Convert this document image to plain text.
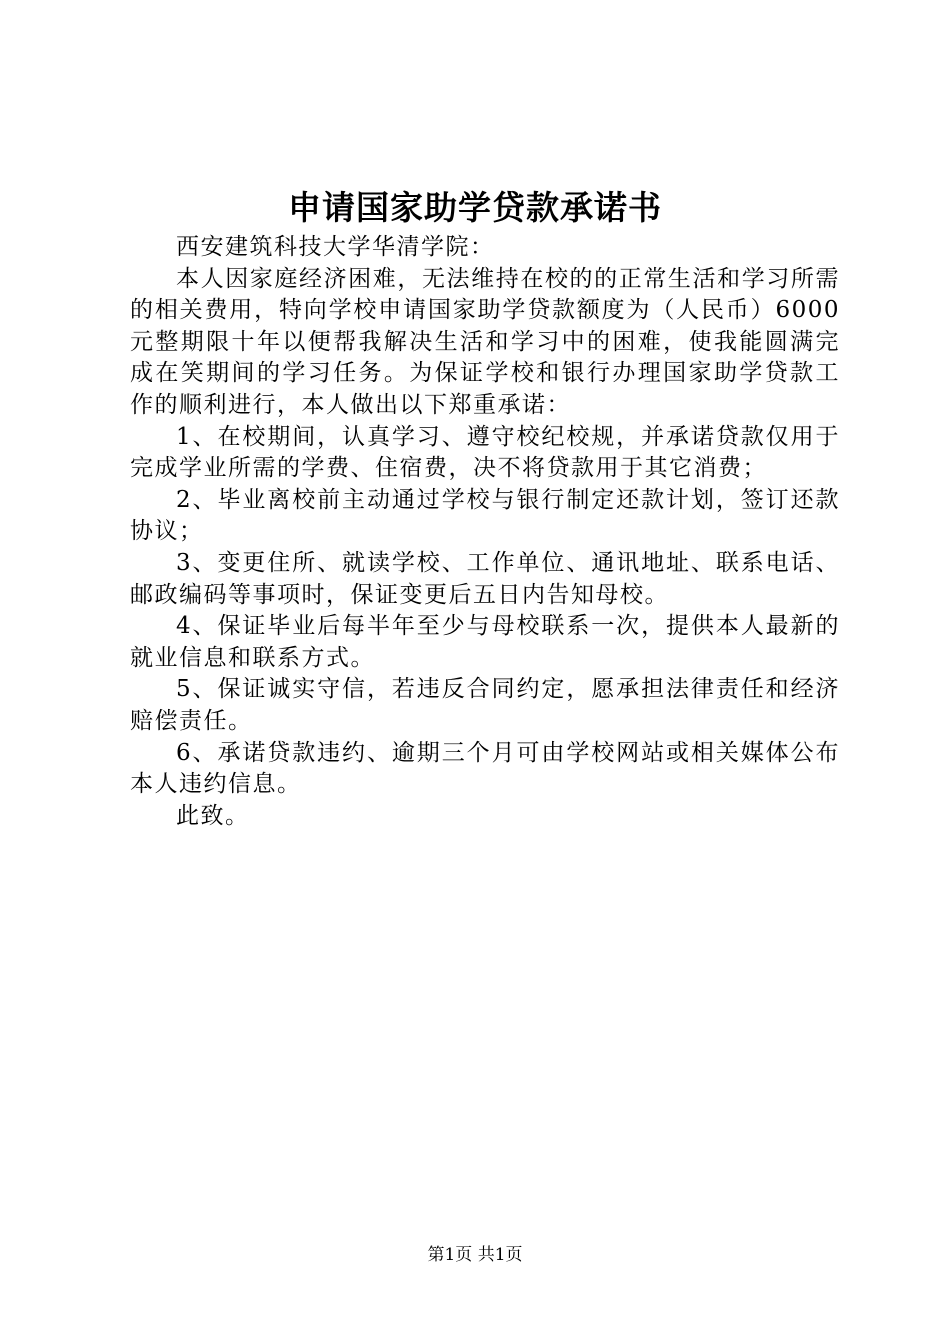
申请国家助学贷款承诺书

西安建筑科技大学华清学院：

本人因家庭经济困难，无法维持在校的的正常生活和学习所需的相关费用，特向学校申请国家助学贷款额度为（人民币）6000元整期限十年以便帮我解决生活和学习中的困难，使我能圆满完成在笑期间的学习任务。为保证学校和银行办理国家助学贷款工作的顺利进行，本人做出以下郑重承诺：

1、在校期间，认真学习、遵守校纪校规，并承诺贷款仅用于完成学业所需的学费、住宿费，决不将贷款用于其它消费；

2、毕业离校前主动通过学校与银行制定还款计划，签订还款协议；

3、变更住所、就读学校、工作单位、通讯地址、联系电话、邮政编码等事项时，保证变更后五日内告知母校。

4、保证毕业后每半年至少与母校联系一次，提供本人最新的就业信息和联系方式。

5、保证诚实守信，若违反合同约定，愿承担法律责任和经济赔偿责任。

6、承诺贷款违约、逾期三个月可由学校网站或相关媒体公布本人违约信息。

此致。

第1页 共1页
